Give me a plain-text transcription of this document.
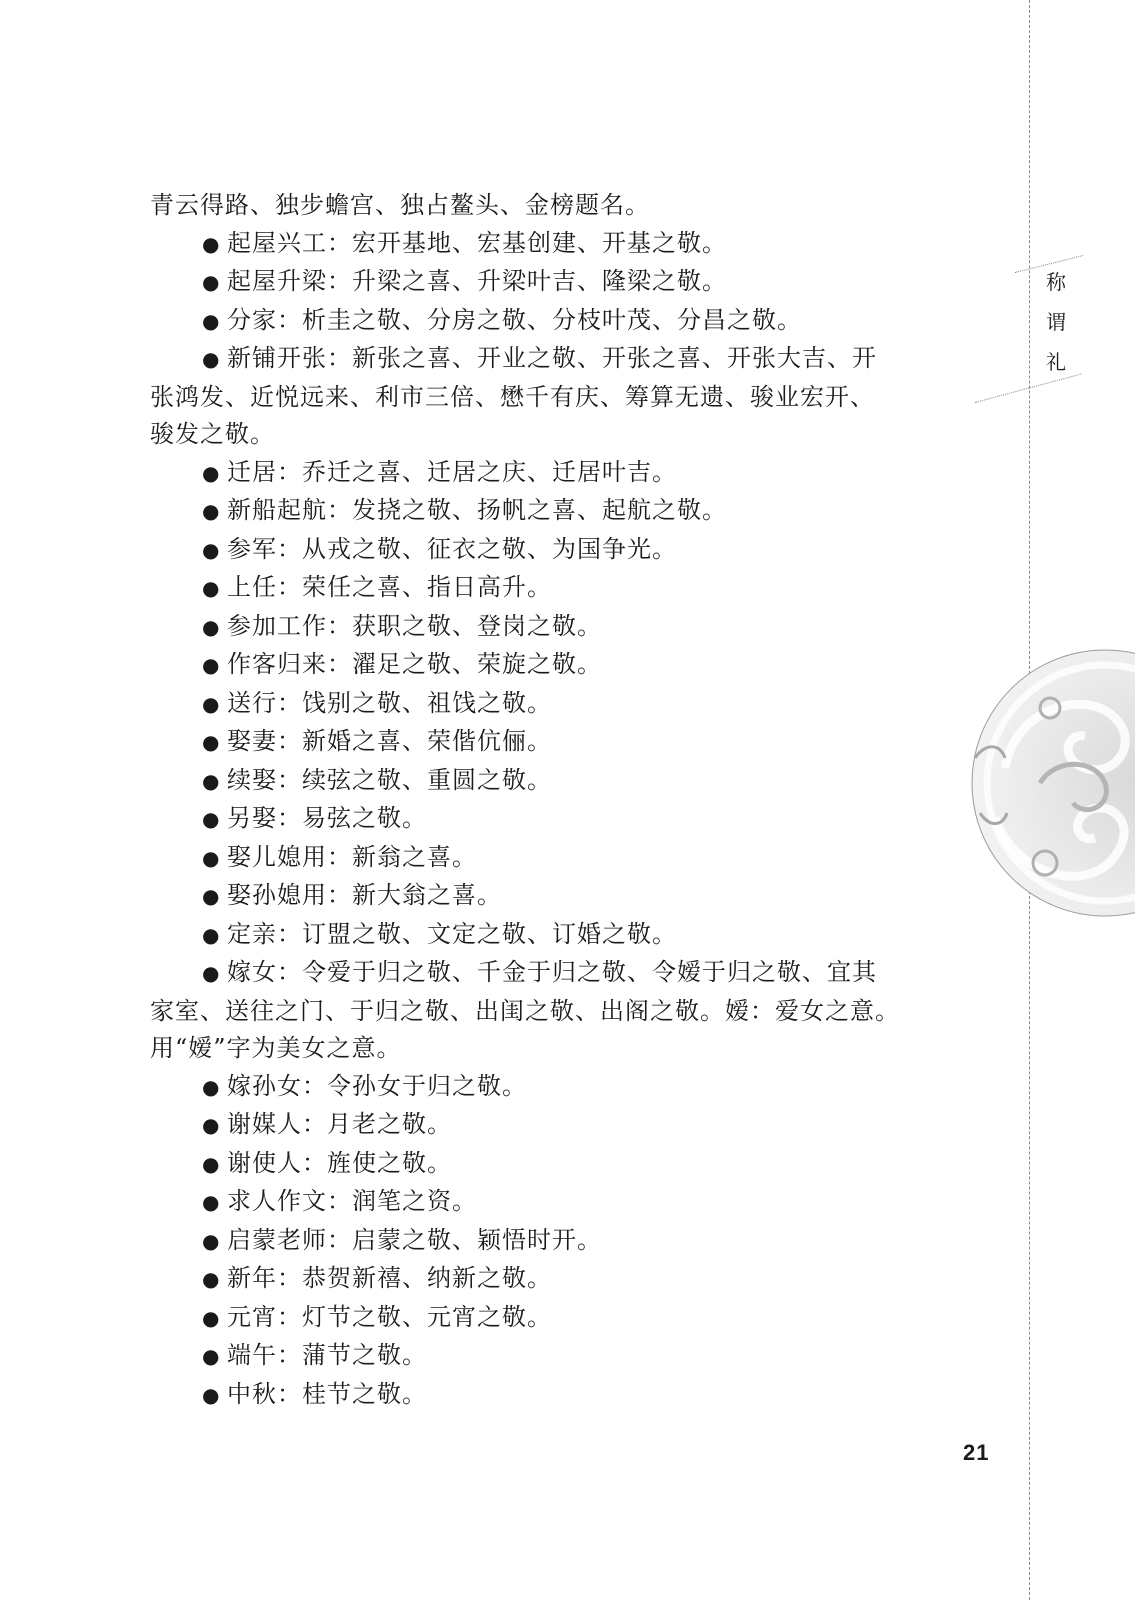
称
谓
礼

青云得路、独步蟾宫、独占鳌头、金榜题名。

● 起屋兴工：宏开基地、宏基创建、开基之敬。

● 起屋升梁：升梁之喜、升梁叶吉、隆梁之敬。

● 分家：析圭之敬、分房之敬、分枝叶茂、分昌之敬。

● 新铺开张：新张之喜、开业之敬、开张之喜、开张大吉、开

张鸿发、近悦远来、利市三倍、懋千有庆、筹算无遗、骏业宏开、

骏发之敬。

● 迁居：乔迁之喜、迁居之庆、迁居叶吉。

● 新船起航：发挠之敬、扬帆之喜、起航之敬。

● 参军：从戎之敬、征衣之敬、为国争光。

● 上任：荣任之喜、指日高升。

● 参加工作：获职之敬、登岗之敬。

● 作客归来：濯足之敬、荣旋之敬。

● 送行：饯别之敬、祖饯之敬。

● 娶妻：新婚之喜、荣偕伉俪。

● 续娶：续弦之敬、重圆之敬。

● 另娶：易弦之敬。

● 娶儿媳用：新翁之喜。

● 娶孙媳用：新大翁之喜。

● 定亲：订盟之敬、文定之敬、订婚之敬。

● 嫁女：令爱于归之敬、千金于归之敬、令嫒于归之敬、宜其

家室、送往之门、于归之敬、出闺之敬、出阁之敬。嫒：爱女之意。

用“嫒”字为美女之意。

● 嫁孙女：令孙女于归之敬。

● 谢媒人：月老之敬。

● 谢使人：旌使之敬。

● 求人作文：润笔之资。

● 启蒙老师：启蒙之敬、颖悟时开。

● 新年：恭贺新禧、纳新之敬。

● 元宵：灯节之敬、元宵之敬。

● 端午：蒲节之敬。

● 中秋：桂节之敬。

21
